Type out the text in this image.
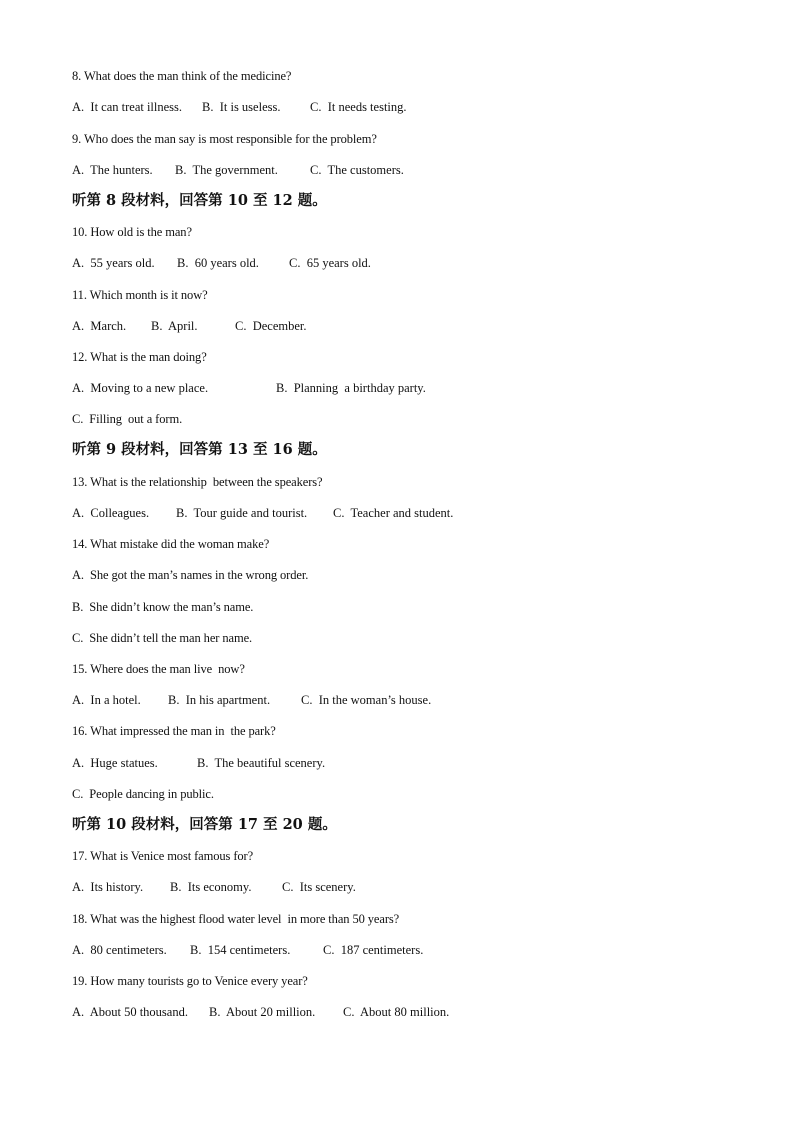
8. What does the man think of the medicine?
A.  It can treat illness. B.  It is useless. C.  It needs testing.
9. Who does the man say is most responsible for the problem?
A.  The hunters. B.  The government.	C.  The customers.
听第 8 段材料，回答第 10 至 12 题。
10. How old is the man?
A.  55 years old. B.  60 years old. C.  65 years old.
11. Which month is it now?
A.  March. B.  April.	C.  December.
12. What is the man doing?
A.  Moving to a new place.	B.  Planning  a birthday party.
C.  Filling  out a form.
听第 9 段材料，回答第 13 至 16 题。
13. What is the relationship  between the speakers?
A.  Colleagues. B.  Tour guide and tourist. C.  Teacher and student.
14. What mistake did the woman make?
A.  She got the man’s names in the wrong order.
B.  She didn’t know the man’s name.
C.  She didn’t tell the man her name.
15. Where does the man live  now?
A.  In a hotel. B.  In his apartment. C.  In the woman’s house.
16. What impressed the man in  the park?
A.  Huge statues.	B.  The beautiful scenery.
C.  People dancing in public.
听第 10 段材料，回答第 17 至 20 题。
17. What is Venice most famous for?
A.  Its history. B.  Its economy. C.  Its scenery.
18. What was the highest flood water level  in more than 50 years?
A.  80 centimeters. B.  154 centimeters.	C.  187 centimeters.
19. How many tourists go to Venice every year?
A.  About 50 thousand. B.  About 20 million. C.  About 80 million.
